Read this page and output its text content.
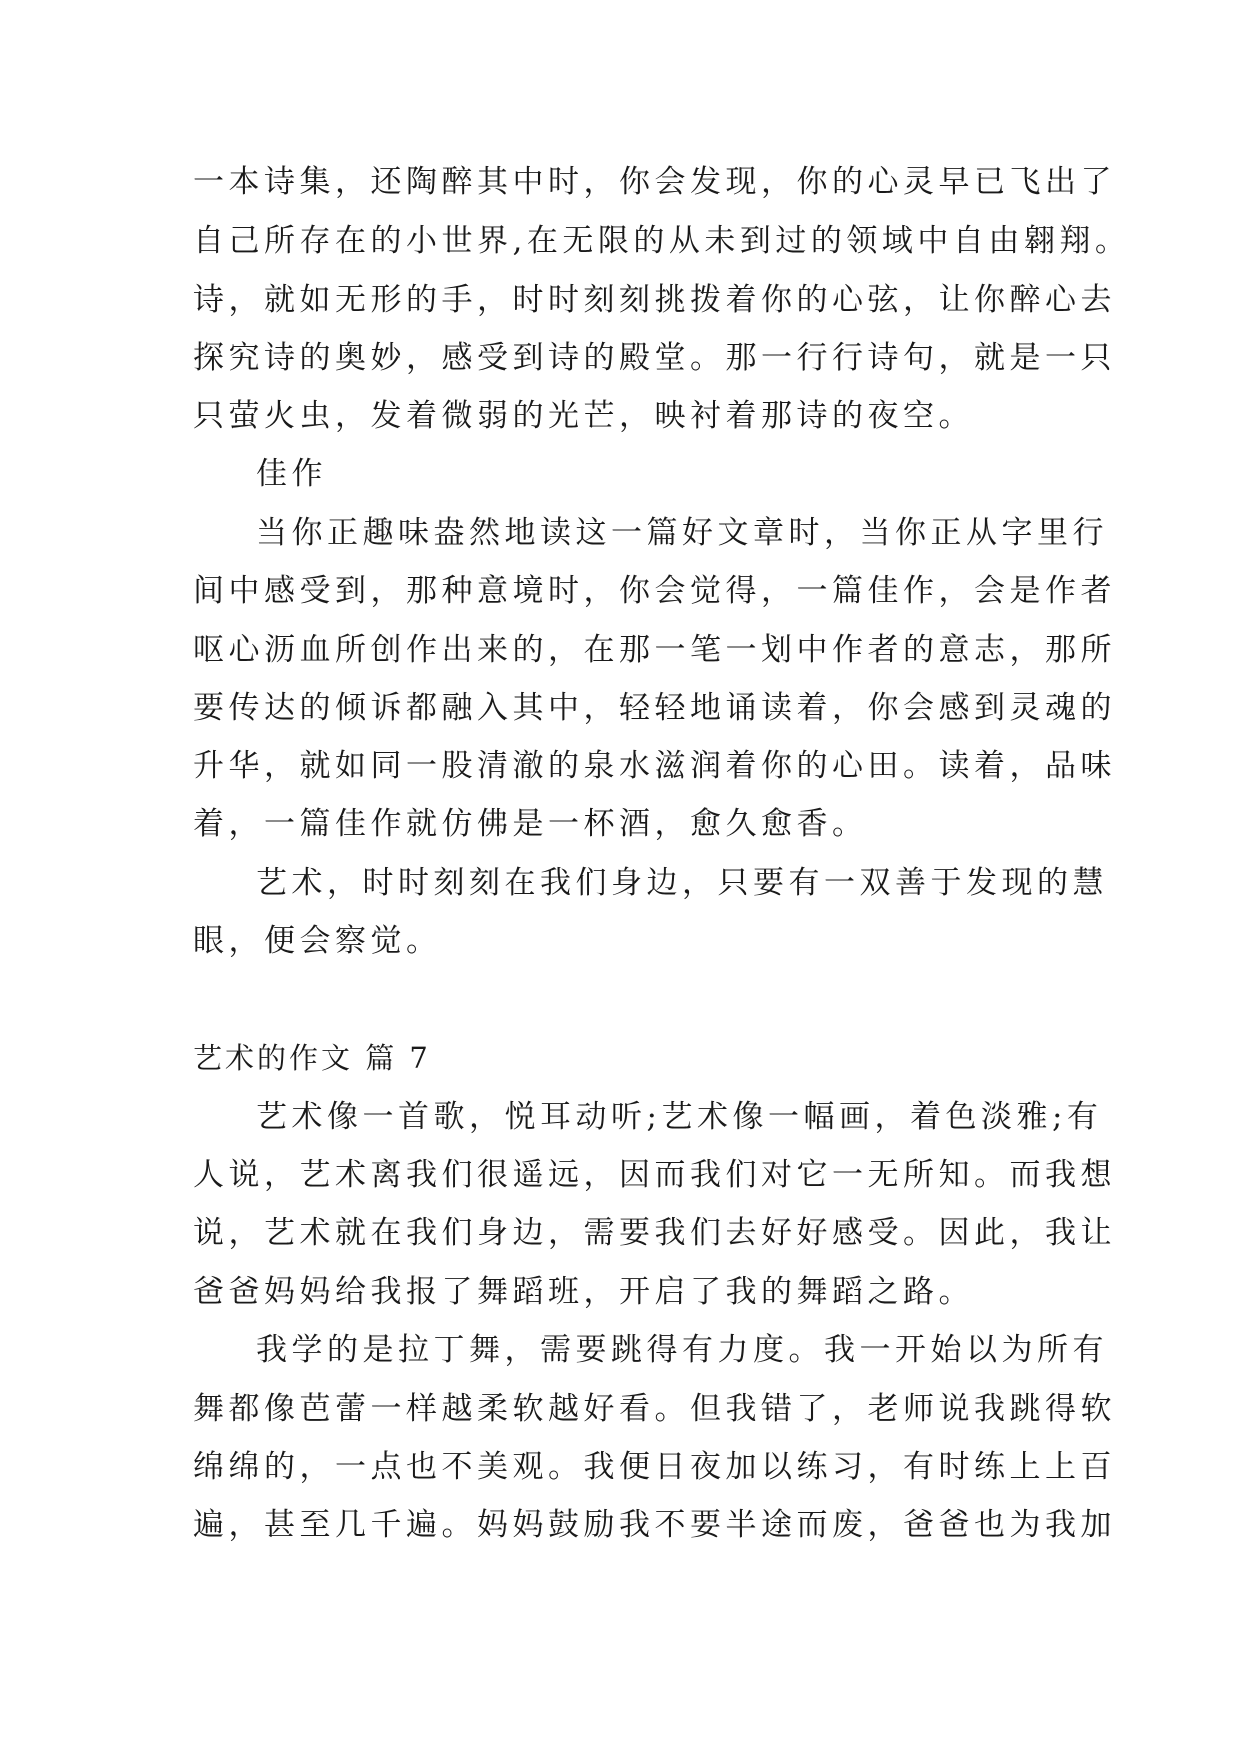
一本诗集，还陶醉其中时，你会发现，你的心灵早已飞出了
自己所存在的小世界,在无限的从未到过的领域中自由翱翔。
诗，就如无形的手，时时刻刻挑拨着你的心弦，让你醉心去
探究诗的奥妙，感受到诗的殿堂。那一行行诗句，就是一只
只萤火虫，发着微弱的光芒，映衬着那诗的夜空。
佳作
当你正趣味盎然地读这一篇好文章时，当你正从字里行
间中感受到，那种意境时，你会觉得，一篇佳作，会是作者
呕心沥血所创作出来的，在那一笔一划中作者的意志，那所
要传达的倾诉都融入其中，轻轻地诵读着，你会感到灵魂的
升华，就如同一股清澈的泉水滋润着你的心田。读着，品味
着，一篇佳作就仿佛是一杯酒，愈久愈香。
艺术，时时刻刻在我们身边，只要有一双善于发现的慧
眼，便会察觉。
艺术的作文 篇 7
艺术像一首歌，悦耳动听;艺术像一幅画，着色淡雅;有
人说，艺术离我们很遥远，因而我们对它一无所知。而我想
说，艺术就在我们身边，需要我们去好好感受。因此，我让
爸爸妈妈给我报了舞蹈班，开启了我的舞蹈之路。
我学的是拉丁舞，需要跳得有力度。我一开始以为所有
舞都像芭蕾一样越柔软越好看。但我错了，老师说我跳得软
绵绵的，一点也不美观。我便日夜加以练习，有时练上上百
遍，甚至几千遍。妈妈鼓励我不要半途而废，爸爸也为我加
